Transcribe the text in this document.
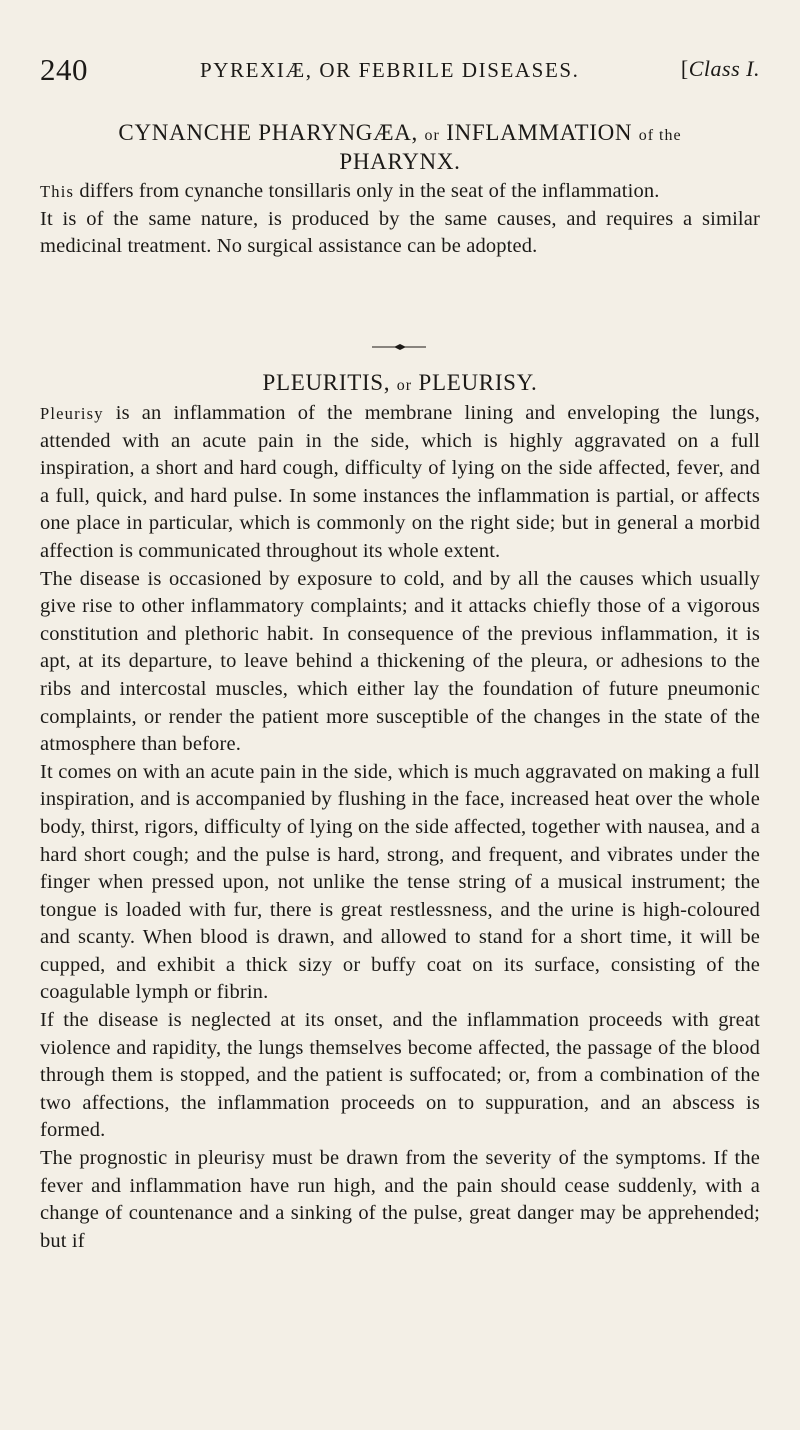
240	PYREXIÆ, OR FEBRILE DISEASES.	[Class I.
CYNANCHE PHARYNGÆA, or INFLAMMATION of the
PHARYNX.

This differs from cynanche tonsillaris only in the seat of the inflammation.

It is of the same nature, is produced by the same causes, and requires a similar medicinal treatment. No surgical assistance can be adopted.

PLEURITIS, or PLEURISY.

Pleurisy is an inflammation of the membrane lining and enveloping the lungs, attended with an acute pain in the side, which is highly aggravated on a full inspiration, a short and hard cough, difficulty of lying on the side affected, fever, and a full, quick, and hard pulse. In some instances the inflammation is partial, or affects one place in particular, which is commonly on the right side; but in general a morbid affection is communicated throughout its whole extent.

The disease is occasioned by exposure to cold, and by all the causes which usually give rise to other inflammatory complaints; and it attacks chiefly those of a vigorous constitution and plethoric habit. In consequence of the previous inflammation, it is apt, at its departure, to leave behind a thickening of the pleura, or adhesions to the ribs and intercostal muscles, which either lay the foundation of future pneumonic complaints, or render the patient more susceptible of the changes in the state of the atmosphere than before.

It comes on with an acute pain in the side, which is much aggravated on making a full inspiration, and is accompanied by flushing in the face, increased heat over the whole body, thirst, rigors, difficulty of lying on the side affected, together with nausea, and a hard short cough; and the pulse is hard, strong, and frequent, and vibrates under the finger when pressed upon, not unlike the tense string of a musical instrument; the tongue is loaded with fur, there is great restlessness, and the urine is high-coloured and scanty. When blood is drawn, and allowed to stand for a short time, it will be cupped, and exhibit a thick sizy or buffy coat on its surface, consisting of the coagulable lymph or fibrin.

If the disease is neglected at its onset, and the inflammation proceeds with great violence and rapidity, the lungs themselves become affected, the passage of the blood through them is stopped, and the patient is suffocated; or, from a combination of the two affections, the inflammation proceeds on to suppuration, and an abscess is formed.

The prognostic in pleurisy must be drawn from the severity of the symptoms. If the fever and inflammation have run high, and the pain should cease suddenly, with a change of countenance and a sinking of the pulse, great danger may be apprehended; but if
